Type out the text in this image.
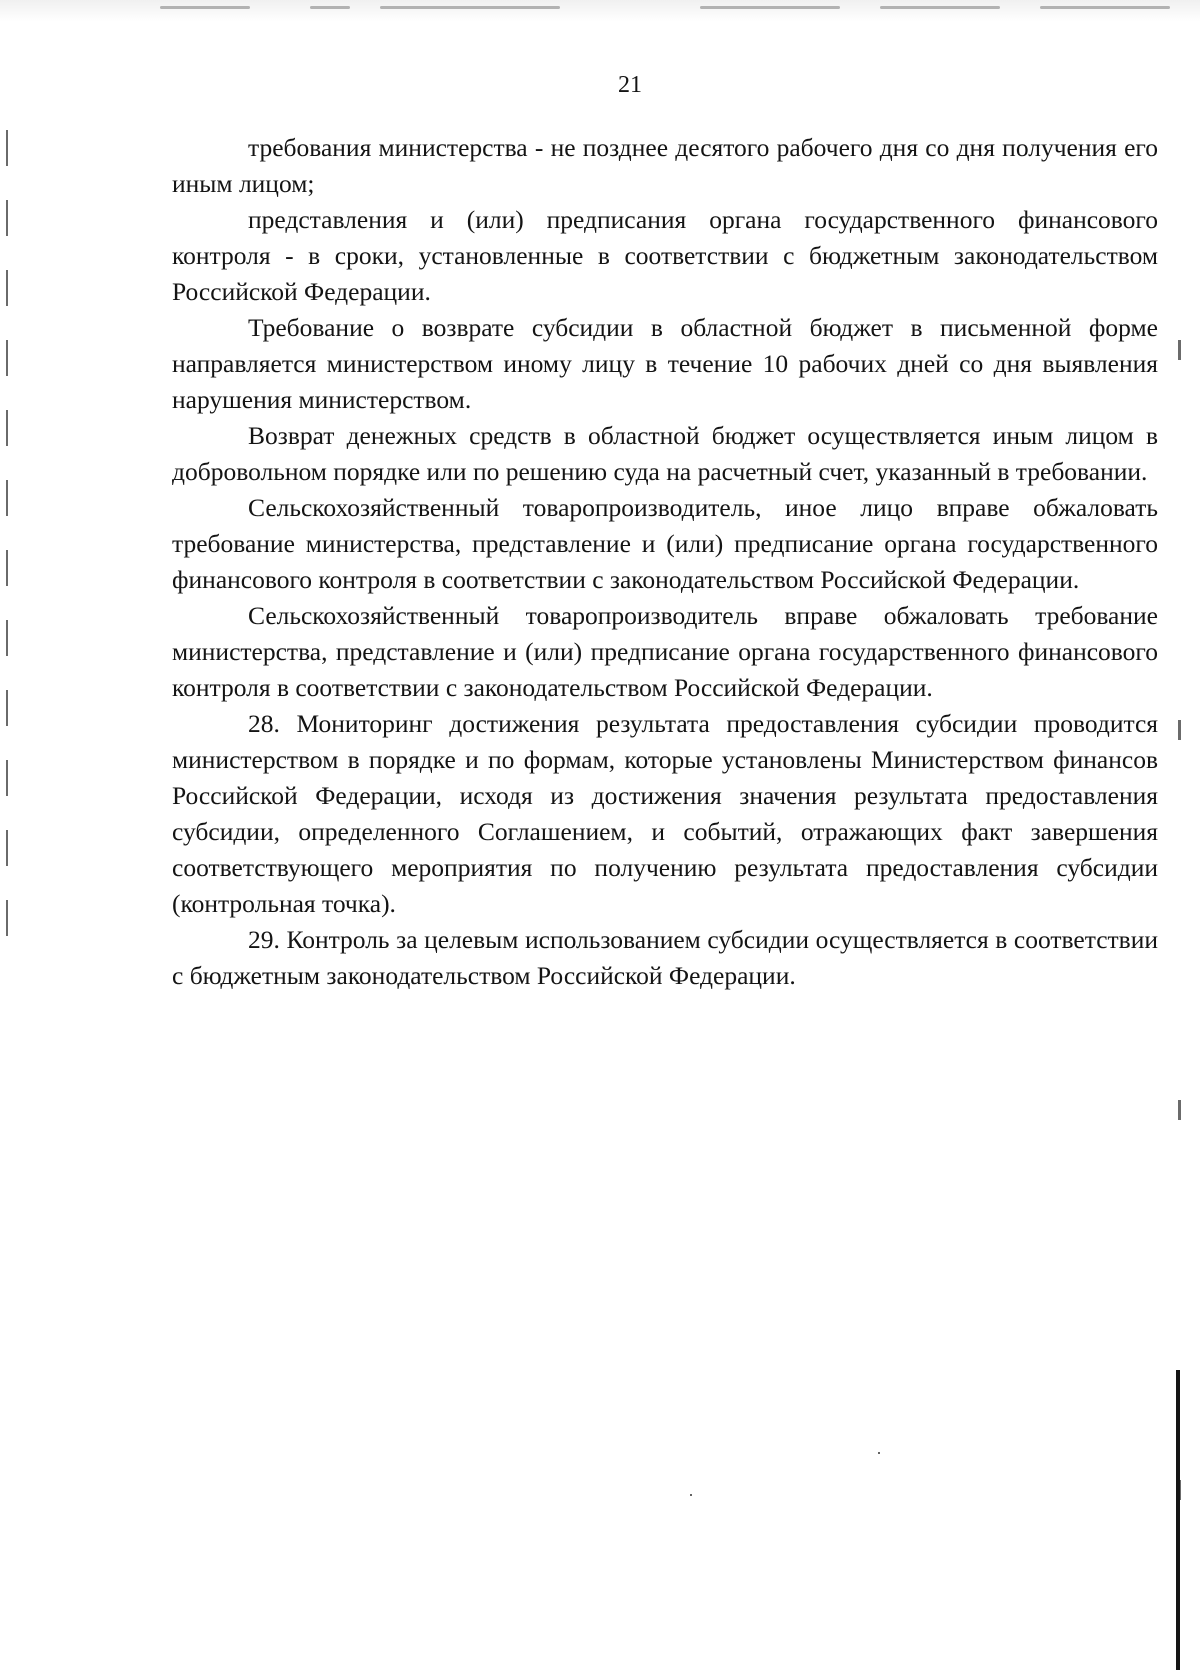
21

требования министерства - не позднее десятого рабочего дня со дня получения его иным лицом;

представления и (или) предписания органа государственного финансового контроля - в сроки, установленные в соответствии с бюджетным законодательством Российской Федерации.

Требование о возврате субсидии в областной бюджет в письменной форме направляется министерством иному лицу в течение 10 рабочих дней со дня выявления нарушения министерством.

Возврат денежных средств в областной бюджет осуществляется иным лицом в добровольном порядке или по решению суда на расчетный счет, указанный в требовании.

Сельскохозяйственный товаропроизводитель, иное лицо вправе обжаловать требование министерства, представление и (или) предписание органа государственного финансового контроля в соответствии с законодательством Российской Федерации.

Сельскохозяйственный товаропроизводитель вправе обжаловать требование министерства, представление и (или) предписание органа государственного финансового контроля в соответствии с законодательством Российской Федерации.

28. Мониторинг достижения результата предоставления субсидии проводится министерством в порядке и по формам, которые установлены Министерством финансов Российской Федерации, исходя из достижения значения результата предоставления субсидии, определенного Соглашением, и событий, отражающих факт завершения соответствующего мероприятия по получению результата предоставления субсидии (контрольная точка).

29. Контроль за целевым использованием субсидии осуществляется в соответствии с бюджетным законодательством Российской Федерации.
